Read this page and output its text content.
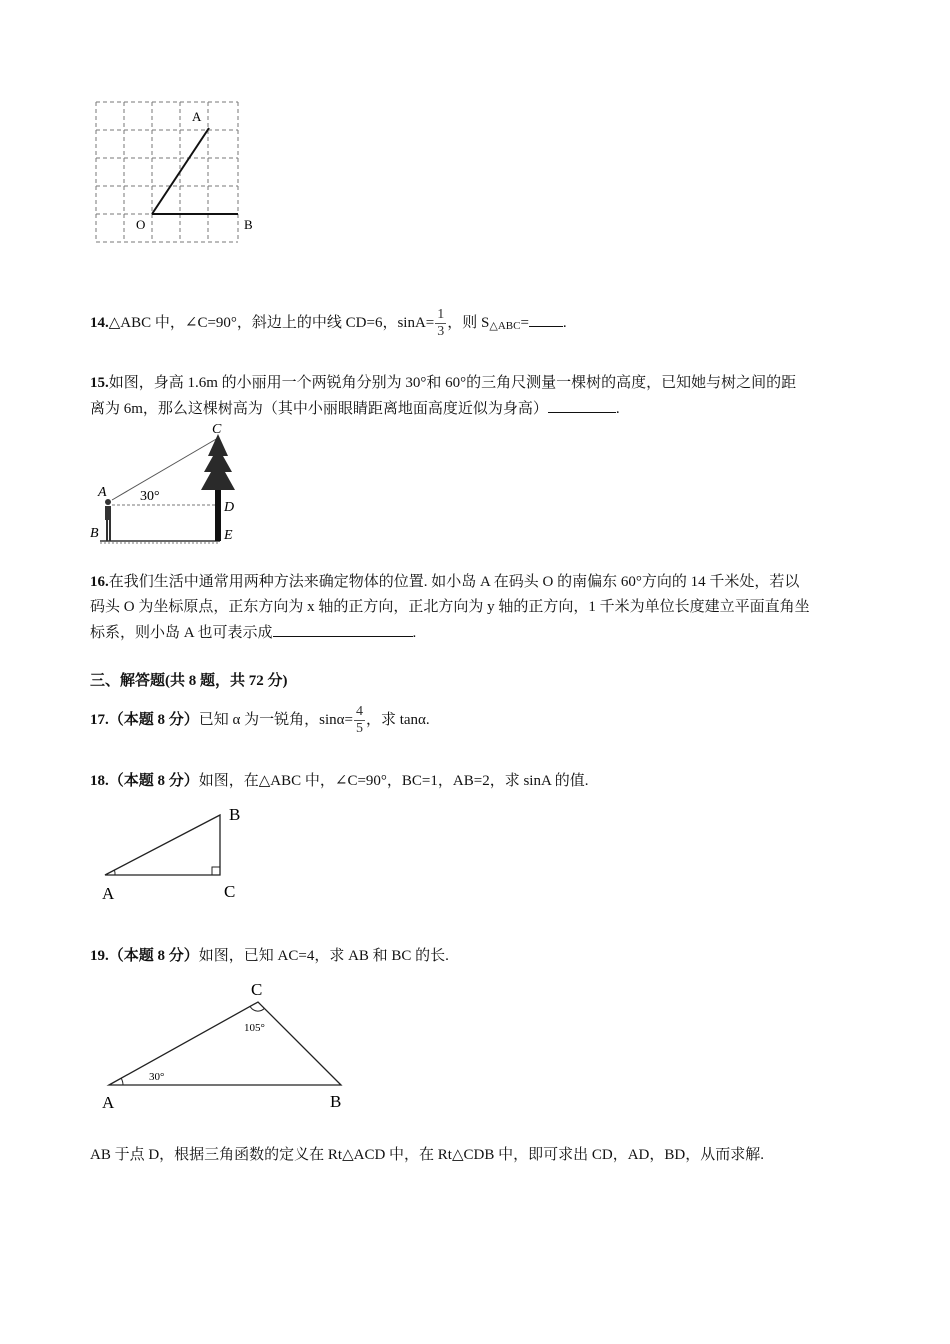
A
O	B
14.△ABC 中，∠C=90°，斜边上的中线 CD=6，$\sin A= \frac{1}{3}$ ，则 S△ABC= .
15.如图，身高 1.6m 的小丽用一个两锐角分别为 30°和 60°的三角尺测量一棵树的高度，已知她与树之间的距
离为 6m，那么这棵树高为（其中小丽眼睛距离地面高度近似为身高）	.
C
A 30°
D
B	E
16.在我们生活中通常用两种方法来确定物体的位置. 如小岛 A 在码头 O 的南偏东 60°方向的 14 千米处，若以
码头 O 为坐标原点，正东方向为 x 轴的正方向，正北方向为 y 轴的正方向，1 千米为单位长度建立平面直角坐
标系，则小岛 A 也可表示成	.
三、解答题(共 8 题，共 72 分)
17.（本题 8 分）已知 α 为一锐角，$\sin\alpha= \frac{4}{5}$ ，求 tanα.
18.（本题 8 分）如图，在△ABC 中，∠C=90°，BC=1，AB=2，求 sinA 的值.
A
B
C
19.（本题 8 分）如图，已知 AC=4，求 AB 和 BC 的长.
C
105°
30°
A	B
AB 于点 D，根据三角函数的定义在 Rt△ACD 中，在 Rt△CDB 中，即可求出 CD，AD，BD，从而求解.
